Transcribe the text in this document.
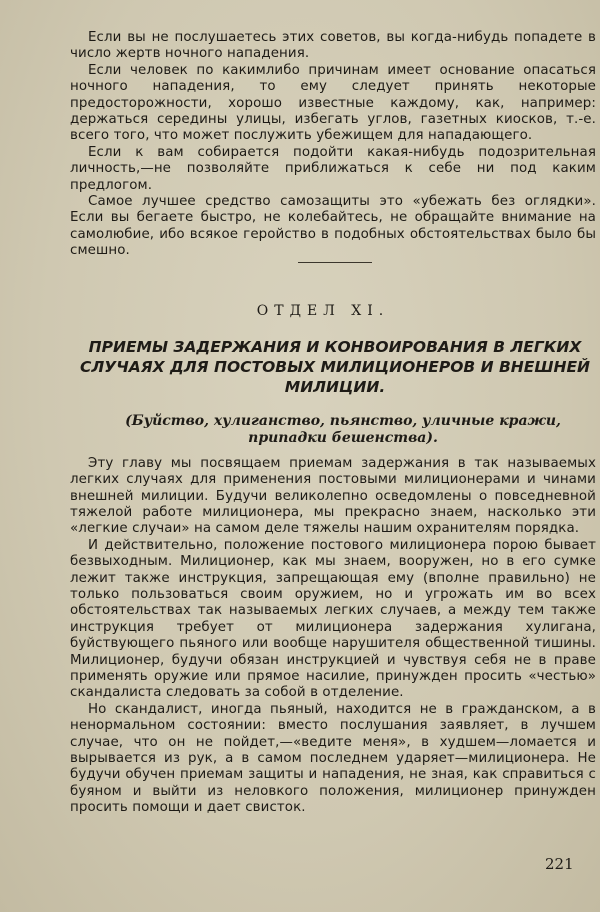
Если вы не послушаетесь этих советов, вы когда-нибудь попадете в число жертв ночного нападения.

Если человек по какимлибо причинам имеет основание опасаться ночного нападения, то ему следует принять некоторые предосторожности, хорошо известные каждому, как, например: держаться середины улицы, избегать углов, газетных киосков, т.-е. всего того, что может послужить убежищем для нападающего.

Если к вам собирается подойти какая-нибудь подозрительная личность,—не позволяйте приближаться к себе ни под каким предлогом.

Самое лучшее средство самозащиты это «убежать без оглядки». Если вы бегаете быстро, не колебайтесь, не обращайте внимание на самолюбие, ибо всякое геройство в подобных обстоятельствах было бы смешно.

ОТДЕЛ XI.
ПРИЕМЫ ЗАДЕРЖАНИЯ И КОНВОИРОВАНИЯ В ЛЕГКИХ СЛУЧАЯХ ДЛЯ ПОСТОВЫХ МИЛИЦИОНЕРОВ И ВНЕШНЕЙ МИЛИЦИИ.
(Буйство, хулиганство, пьянство, уличные кражи, припадки бешенства).

Эту главу мы посвящаем приемам задержания в так называемых легких случаях для применения постовыми милиционерами и чинами внешней милиции. Будучи великолепно осведомлены о повседневной тяжелой работе милиционера, мы прекрасно знаем, насколько эти «легкие случаи» на самом деле тяжелы нашим охранителям порядка.

И действительно, положение постового милиционера порою бывает безвыходным. Милиционер, как мы знаем, вооружен, но в его сумке лежит также инструкция, запрещающая ему (вполне правильно) не только пользоваться своим оружием, но и угрожать им во всех обстоятельствах так называемых легких случаев, а между тем также инструкция требует от милиционера задержания хулигана, буйствующего пьяного или вообще нарушителя общественной тишины. Милиционер, будучи обязан инструкцией и чувствуя себя не в праве применять оружие или прямое насилие, принужден просить «честью» скандалиста следовать за собой в отделение.

Но скандалист, иногда пьяный, находится не в гражданском, а в ненормальном состоянии: вместо послушания заявляет, в лучшем случае, что он не пойдет,—«ведите меня», в худшем—ломается и вырывается из рук, а в самом последнем ударяет—милиционера. Не будучи обучен приемам защиты и нападения, не зная, как справиться с буяном и выйти из неловкого положения, милиционер принужден просить помощи и дает свисток.

221
